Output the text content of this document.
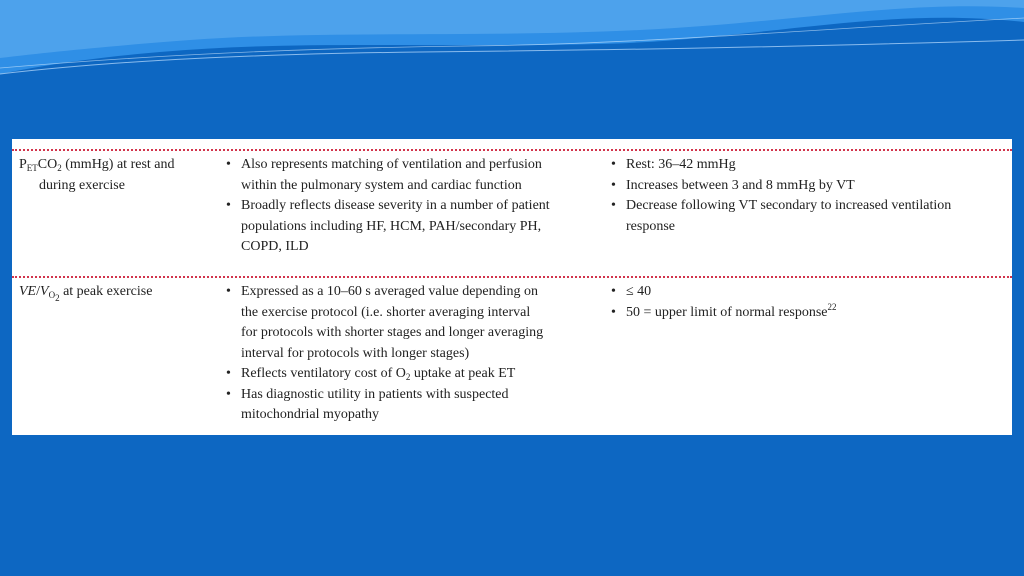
$P_{ET}CO_2$ (mmHg) at rest and
during exercise
• Also represents matching of ventilation and perfusion
within the pulmonary system and cardiac function
• Broadly reflects disease severity in a number of patient
populations including HF, HCM, PAH/secondary PH,
COPD, ILD
• Rest: 36–42 mmHg
• Increases between 3 and 8 mmHg by VT
• Decrease following VT secondary to increased ventilation
response
$VE/V_{O_2}$ at peak exercise	• Expressed as a 10–60 s averaged value depending on
the exercise protocol (i.e. shorter averaging interval
for protocols with shorter stages and longer averaging
interval for protocols with longer stages)
• Reflects ventilatory cost of $O_2$ uptake at peak ET
• Has diagnostic utility in patients with suspected
mitochondrial myopathy
• ≤ 40
• 50 = upper limit of normal response$^{22}$
